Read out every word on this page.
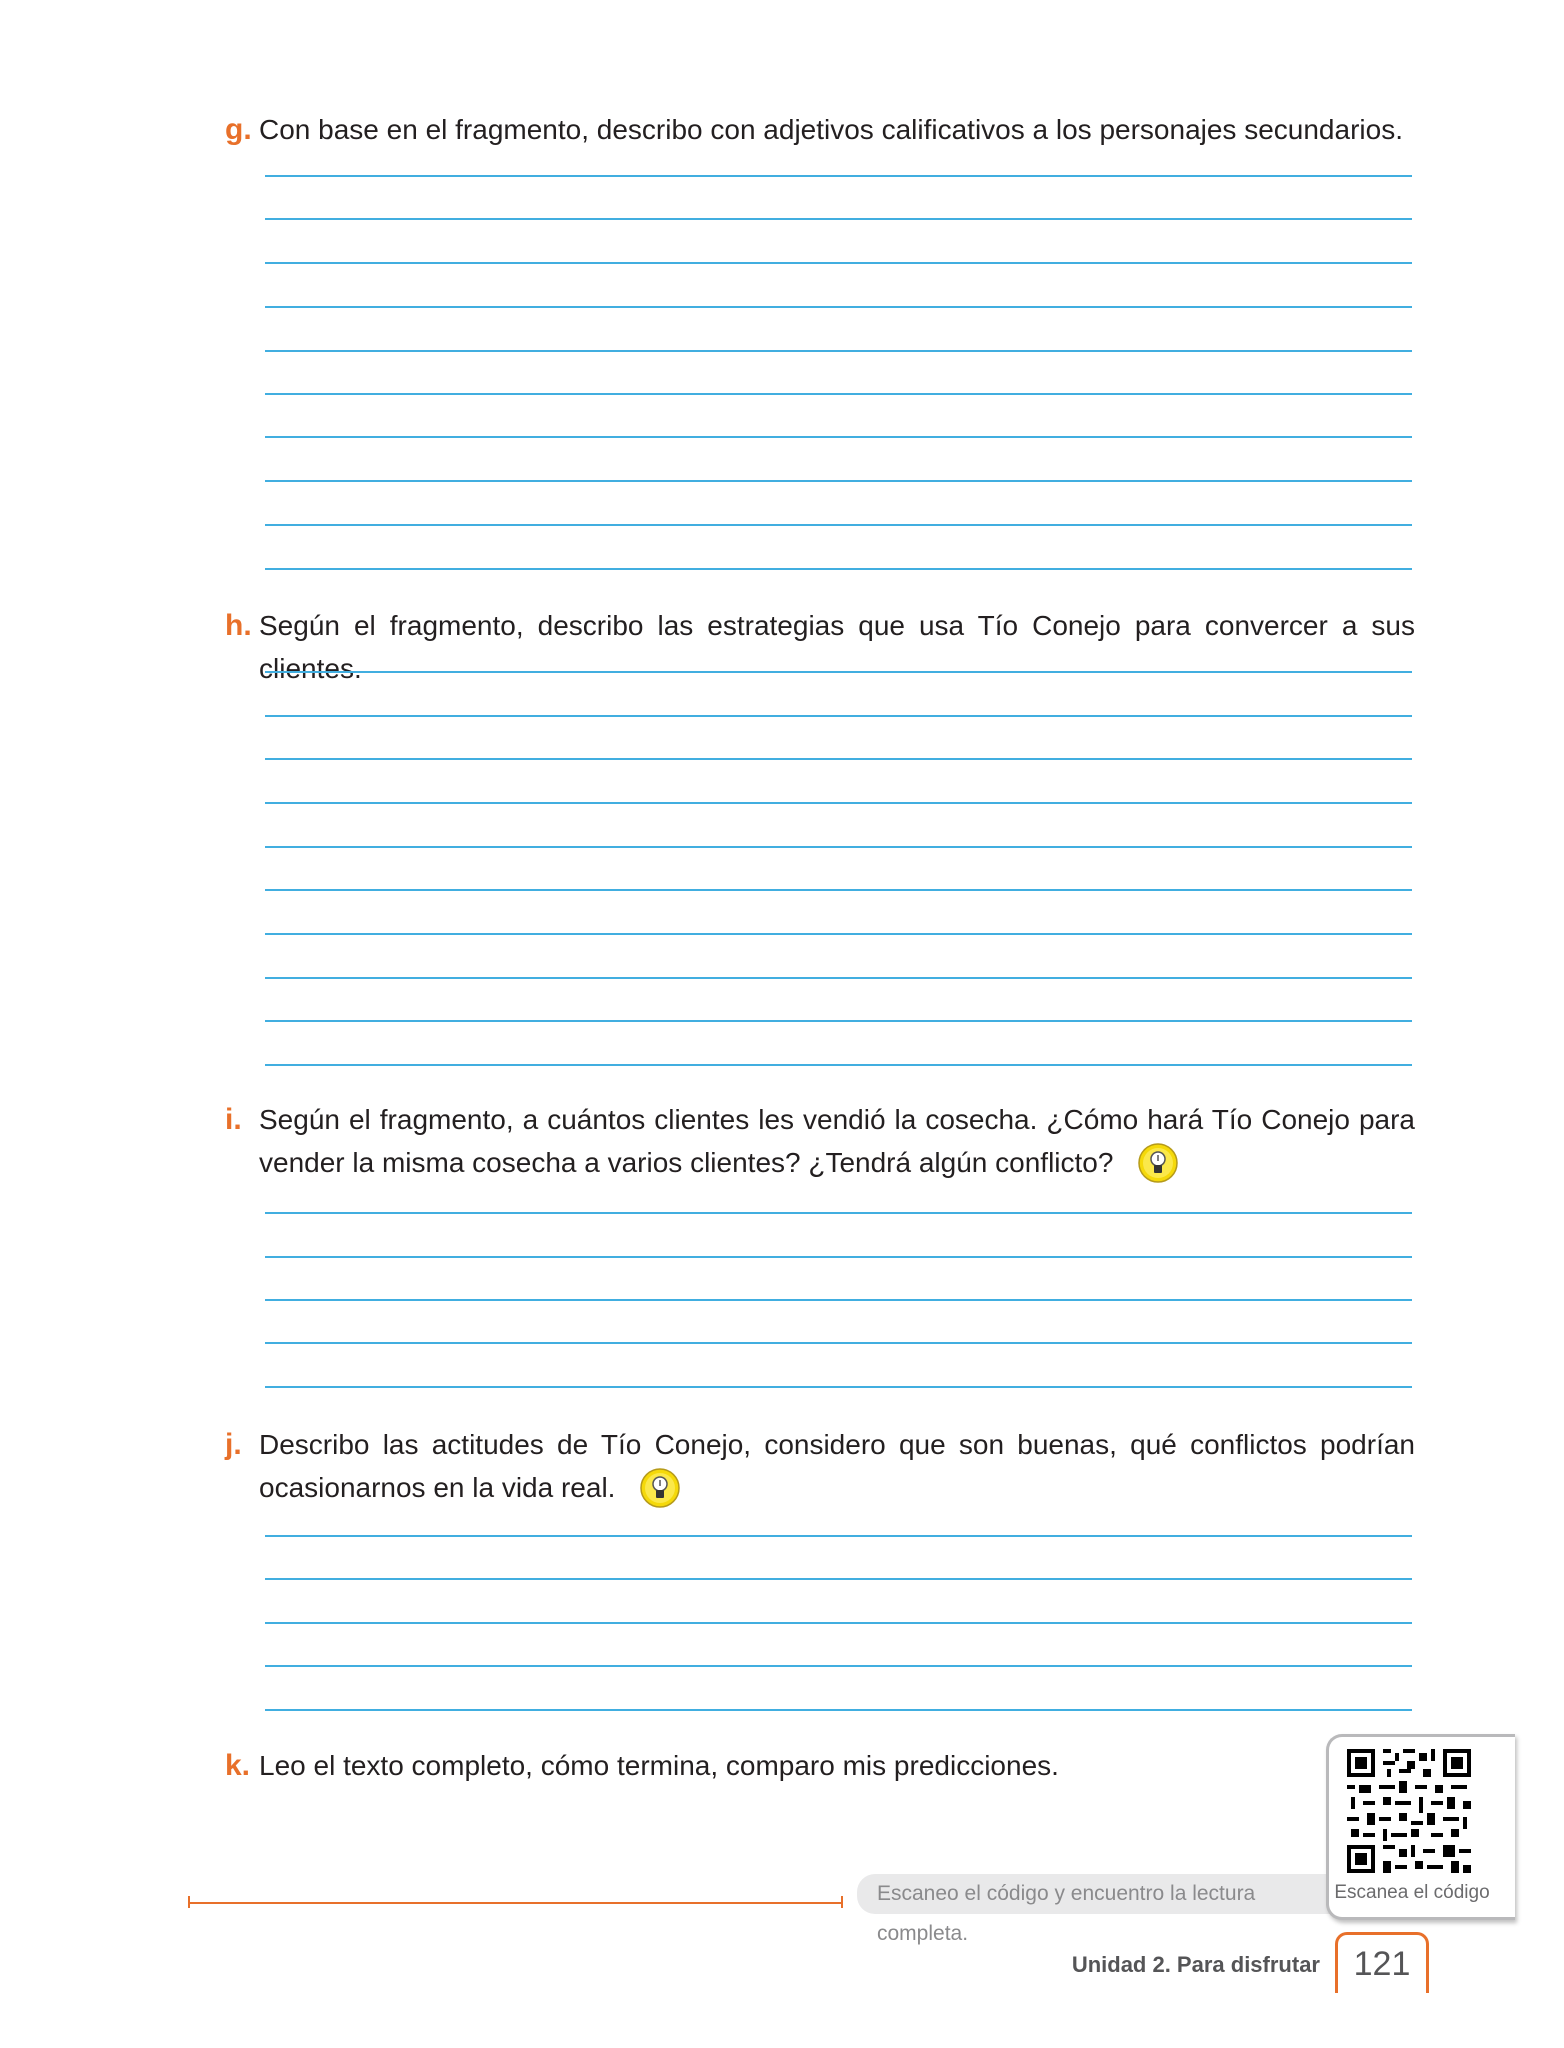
g. Con base en el fragmento, describo con adjetivos calificativos a los personajes secundarios.
h. Según el fragmento, describo las estrategias que usa Tío Conejo para convercer a sus clientes.
i. Según el fragmento, a cuántos clientes les vendió la cosecha. ¿Cómo hará Tío Conejo para vender la misma cosecha a varios clientes? ¿Tendrá algún conflicto?
j. Describo las actitudes de Tío Conejo, considero que son buenas, qué conflictos podrían ocasionarnos en la vida real.
k. Leo el texto completo, cómo termina, comparo mis predicciones.
Escaneo el código y encuentro la lectura completa.
Escanea el código
Unidad 2. Para disfrutar 121
